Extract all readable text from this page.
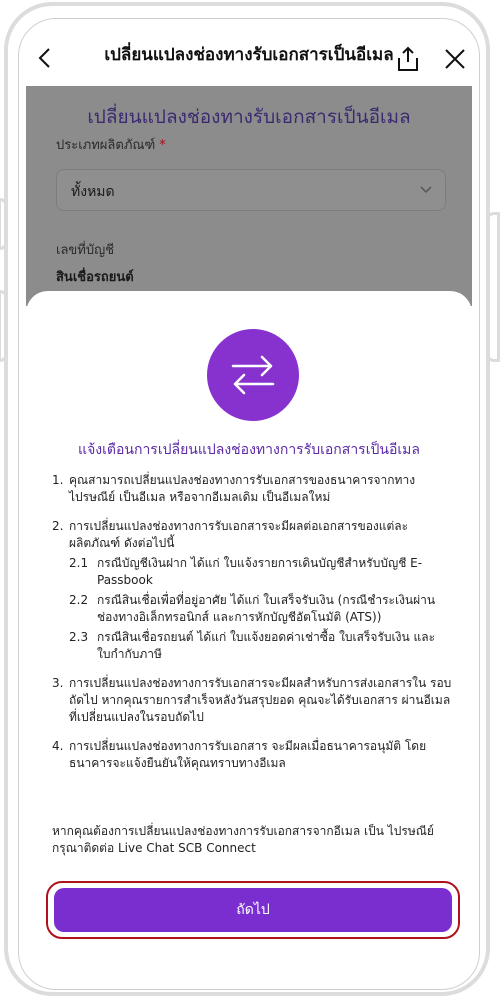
เปลี่ยนแปลงช่องทางรับเอกสารเป็นอีเมล
เปลี่ยนแปลงช่องทางรับเอกสารเป็นอีเมล
ประเภทผลิตภัณฑ์ *
ทั้งหมด
เลขที่บัญชี
สินเชื่อรถยนต์
แจ้งเตือนการเปลี่ยนแปลงช่องทางการรับเอกสารเป็นอีเมล
1. คุณสามารถเปลี่ยนแปลงช่องทางการรับเอกสารของธนาคารจากทาง ไปรษณีย์ เป็นอีเมล หรือจากอีเมลเดิม เป็นอีเมลใหม่
2. การเปลี่ยนแปลงช่องทางการรับเอกสารจะมีผลต่อเอกสารของแต่ละ ผลิตภัณฑ์ ดังต่อไปนี้
2.1 กรณีบัญชีเงินฝาก ได้แก่ ใบแจ้งรายการเดินบัญชีสำหรับบัญชี E-Passbook
2.2 กรณีสินเชื่อเพื่อที่อยู่อาศัย ได้แก่ ใบเสร็จรับเงิน (กรณีชำระเงินผ่าน ช่องทางอิเล็กทรอนิกส์ และการหักบัญชีอัตโนมัติ (ATS))
2.3 กรณีสินเชื่อรถยนต์ ได้แก่ ใบแจ้งยอดค่าเช่าซื้อ ใบเสร็จรับเงิน และ ใบกำกับภาษี
3. การเปลี่ยนแปลงช่องทางการรับเอกสารจะมีผลสำหรับการส่งเอกสารใน รอบถัดไป หากคุณรายการสำเร็จหลังวันสรุปยอด คุณจะได้รับเอกสาร ผ่านอีเมลที่เปลี่ยนแปลงในรอบถัดไป
4. การเปลี่ยนแปลงช่องทางการรับเอกสาร จะมีผลเมื่อธนาคารอนุมัติ โดย ธนาคารจะแจ้งยืนยันให้คุณทราบทางอีเมล
หากคุณต้องการเปลี่ยนแปลงช่องทางการรับเอกสารจากอีเมล เป็น ไปรษณีย์ กรุณาติดต่อ Live Chat SCB Connect
ถัดไป
